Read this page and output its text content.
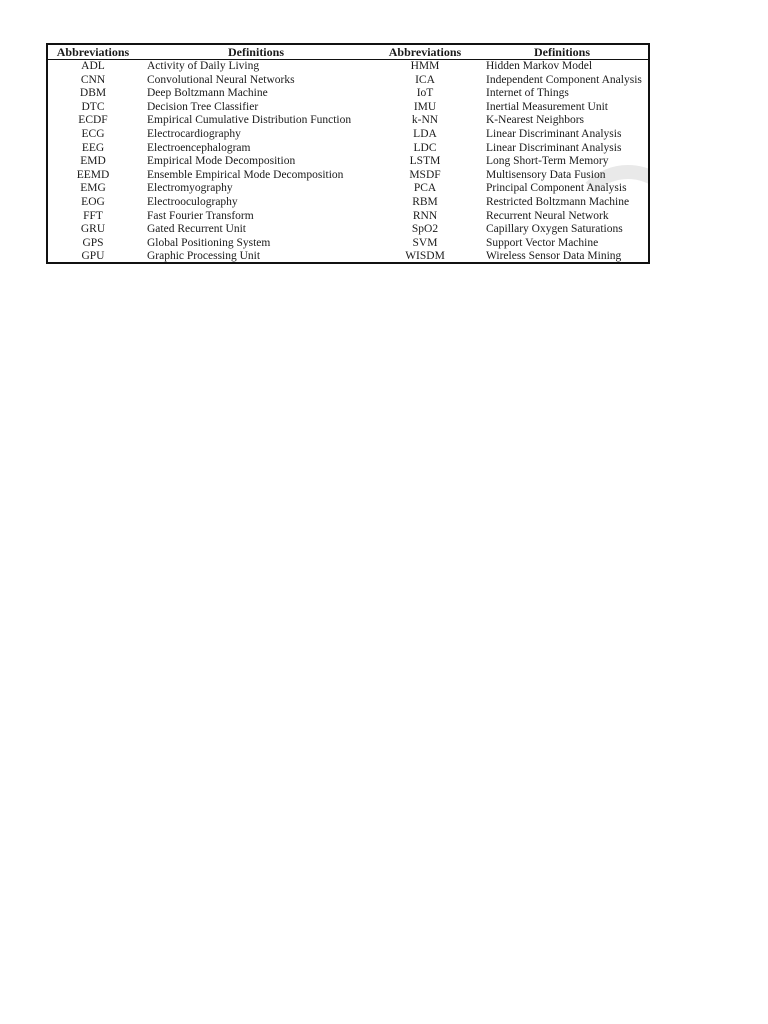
Abbreviations	Definitions	Abbreviations	Definitions
ADL	Activity of Daily Living	HMM	Hidden Markov Model
CNN	Convolutional Neural Networks	ICA	Independent Component Analysis
DBM	Deep Boltzmann Machine	IoT	Internet of Things
DTC	Decision Tree Classifier	IMU	Inertial Measurement Unit
ECDF	Empirical Cumulative Distribution Function	k-NN	K-Nearest Neighbors
ECG	Electrocardiography	LDA	Linear Discriminant Analysis
EEG	Electroencephalogram	LDC	Linear Discriminant Analysis
EMD	Empirical Mode Decomposition	LSTM	Long Short-Term Memory
EEMD	Ensemble Empirical Mode Decomposition	MSDF	Multisensory Data Fusion
EMG	Electromyography	PCA	Principal Component Analysis
EOG	Electrooculography	RBM	Restricted Boltzmann Machine
FFT	Fast Fourier Transform	RNN	Recurrent Neural Network
GRU	Gated Recurrent Unit	SpO2	Capillary Oxygen Saturations
GPS	Global Positioning System	SVM	Support Vector Machine
GPU	Graphic Processing Unit	WISDM	Wireless Sensor Data Mining
